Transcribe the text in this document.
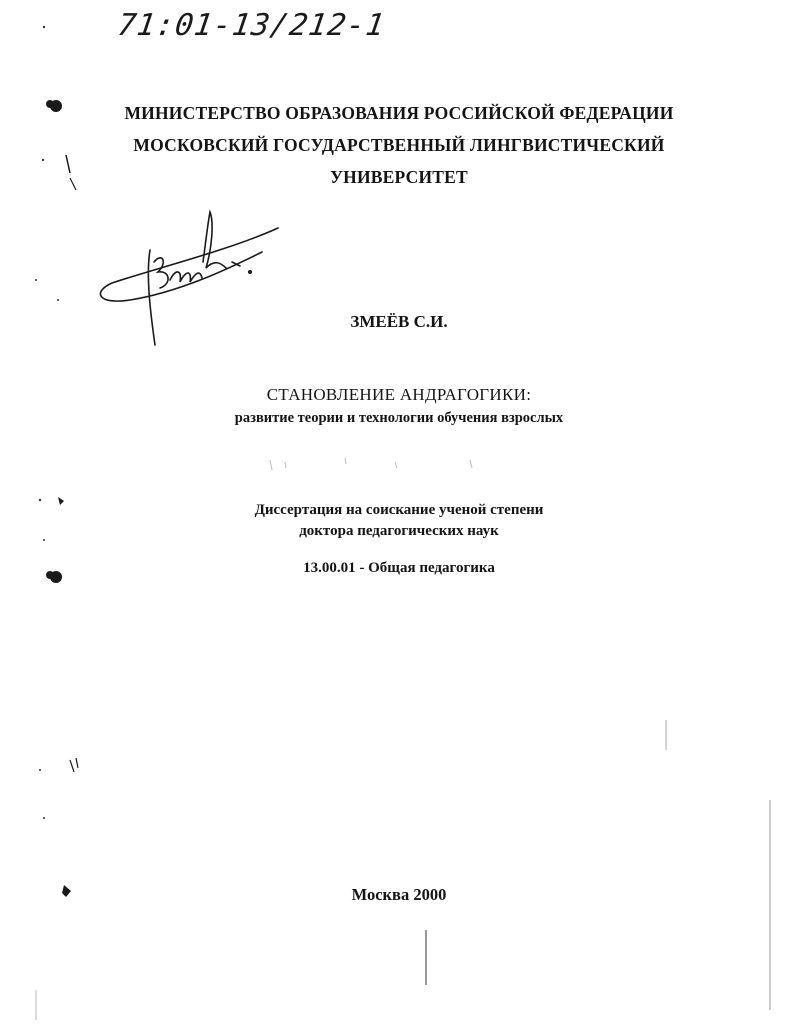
71:01-13/212-1
МИНИСТЕРСТВО ОБРАЗОВАНИЯ РОССИЙСКОЙ ФЕДЕРАЦИИ
МОСКОВСКИЙ ГОСУДАРСТВЕННЫЙ ЛИНГВИСТИЧЕСКИЙ
УНИВЕРСИТЕТ
ЗМЕЁВ С.И.
СТАНОВЛЕНИЕ АНДРАГОГИКИ:
развитие теории и технологии обучения взрослых
Диссертация на соискание ученой степени
доктора педагогических наук
13.00.01 - Общая педагогика
Москва 2000
